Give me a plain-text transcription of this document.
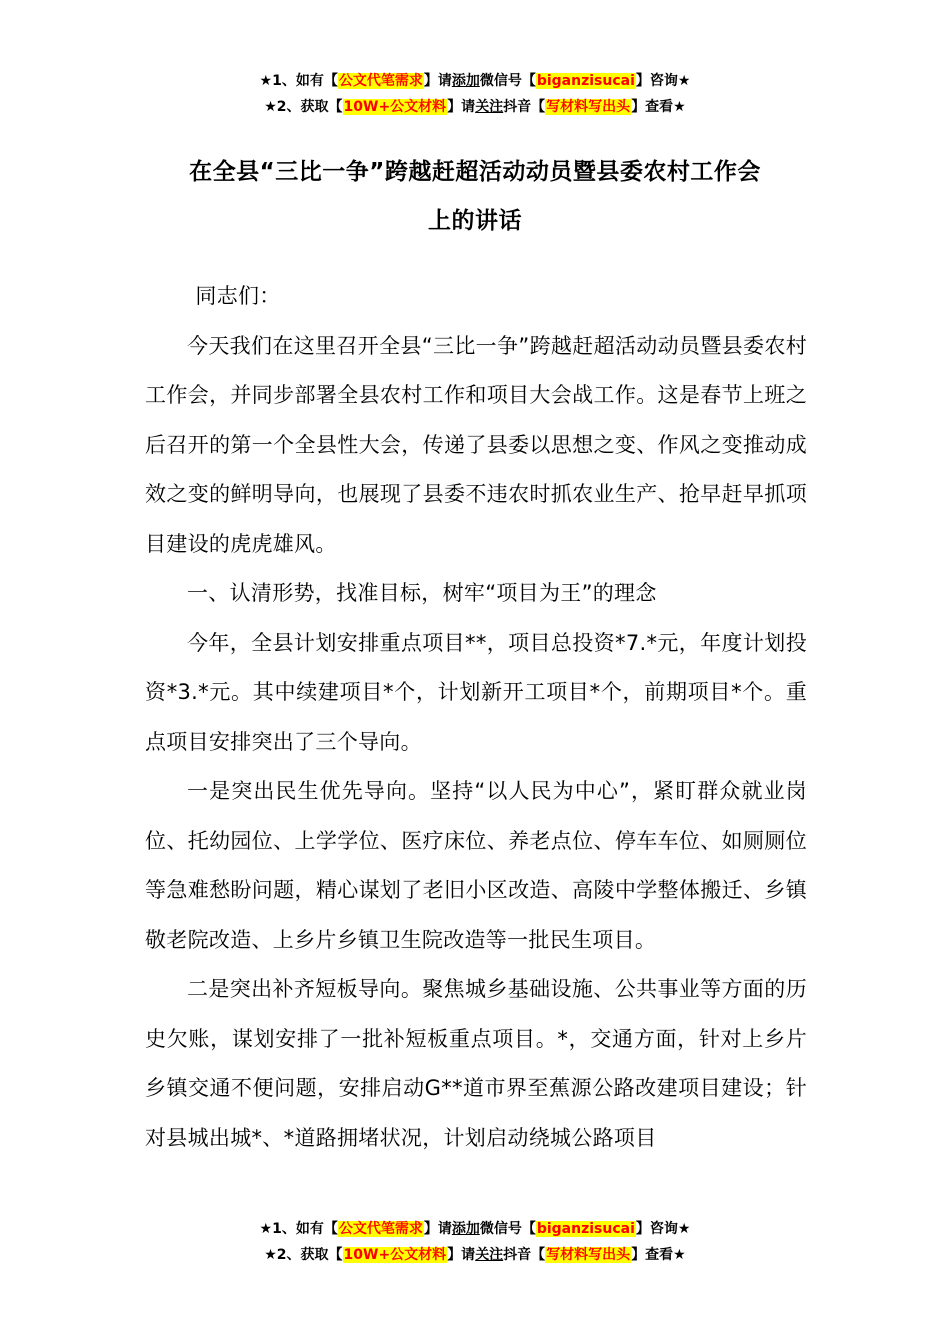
★1、如有【公文代笔需求】请添加微信号【biganzisucai】咨询★
★2、获取【10W+公文材料】请关注抖音【写材料写出头】查看★
在全县“三比一争”跨越赶超活动动员暨县委农村工作会
上的讲话

同志们：

今天我们在这里召开全县“三比一争”跨越赶超活动动员暨县委农村工作会，并同步部署全县农村工作和项目大会战工作。这是春节上班之后召开的第一个全县性大会，传递了县委以思想之变、作风之变推动成效之变的鲜明导向，也展现了县委不违农时抓农业生产、抢早赶早抓项目建设的虎虎雄风。

一、认清形势，找准目标，树牢“项目为王”的理念

今年，全县计划安排重点项目**，项目总投资*7.*元，年度计划投资*3.*元。其中续建项目*个，计划新开工项目*个，前期项目*个。重点项目安排突出了三个导向。

一是突出民生优先导向。坚持“以人民为中心”，紧盯群众就业岗位、托幼园位、上学学位、医疗床位、养老点位、停车车位、如厕厕位等急难愁盼问题，精心谋划了老旧小区改造、高陵中学整体搬迁、乡镇敬老院改造、上乡片乡镇卫生院改造等一批民生项目。

二是突出补齐短板导向。聚焦城乡基础设施、公共事业等方面的历史欠账，谋划安排了一批补短板重点项目。*，交通方面，针对上乡片乡镇交通不便问题，安排启动G**道市界至蕉源公路改建项目建设；针对县城出城*、*道路拥堵状况，计划启动绕城公路项目

★1、如有【公文代笔需求】请添加微信号【biganzisucai】咨询★
★2、获取【10W+公文材料】请关注抖音【写材料写出头】查看★
